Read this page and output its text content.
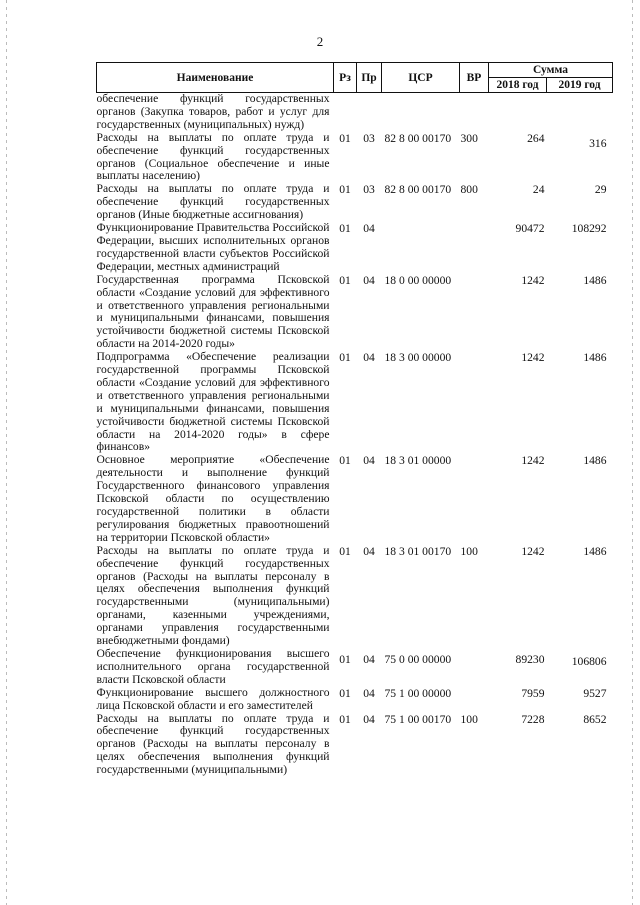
2
Наименование	Рз	Пр	ЦСР	ВР	Сумма	
					2018 год	2019 год
обеспечение функций государственных органов (Закупка товаров, работ и услуг для государственных (муниципальных) нужд)						
Расходы на выплаты по оплате труда и обеспечение функций государственных органов (Социальное обеспечение и иные выплаты населению)	01	03	82 8 00 00170	300	264	316
Расходы на выплаты по оплате труда и обеспечение функций государственных органов (Иные бюджетные ассигнования)	01	03	82 8 00 00170	800	24	29
Функционирование Правительства Российской Федерации, высших исполнительных органов государственной власти субъектов Российской Федерации, местных администраций	01	04			90472	108292
Государственная программа Псковской области «Создание условий для эффективного и ответственного управления региональными и муниципальными финансами, повышения устойчивости бюджетной системы Псковской области на 2014-2020 годы»	01	04	18 0 00 00000		1242	1486
Подпрограмма «Обеспечение реализации государственной программы Псковской области «Создание условий для эффективного и ответственного управления региональными и муниципальными финансами, повышения устойчивости бюджетной системы Псковской области на 2014-2020 годы» в сфере финансов»	01	04	18 3 00 00000		1242	1486
Основное мероприятие «Обеспечение деятельности и выполнение функций Государственного финансового управления Псковской области по осуществлению государственной политики в области регулирования бюджетных правоотношений на территории Псковской области»	01	04	18 3 01 00000		1242	1486
Расходы на выплаты по оплате труда и обеспечение функций государственных органов (Расходы на выплаты персоналу в целях обеспечения выполнения функций государственными (муниципальными) органами, казенными учреждениями, органами управления государственными внебюджетными фондами)	01	04	18 3 01 00170	100	1242	1486
Обеспечение функционирования высшего исполнительного органа государственной власти Псковской области	01	04	75 0 00 00000		89230	106806
Функционирование высшего должностного лица Псковской области и его заместителей	01	04	75 1 00 00000		7959	9527
Расходы на выплаты по оплате труда и обеспечение функций государственных органов (Расходы на выплаты персоналу в целях обеспечения выполнения функций государственными (муниципальными)	01	04	75 1 00 00170	100	7228	8652
